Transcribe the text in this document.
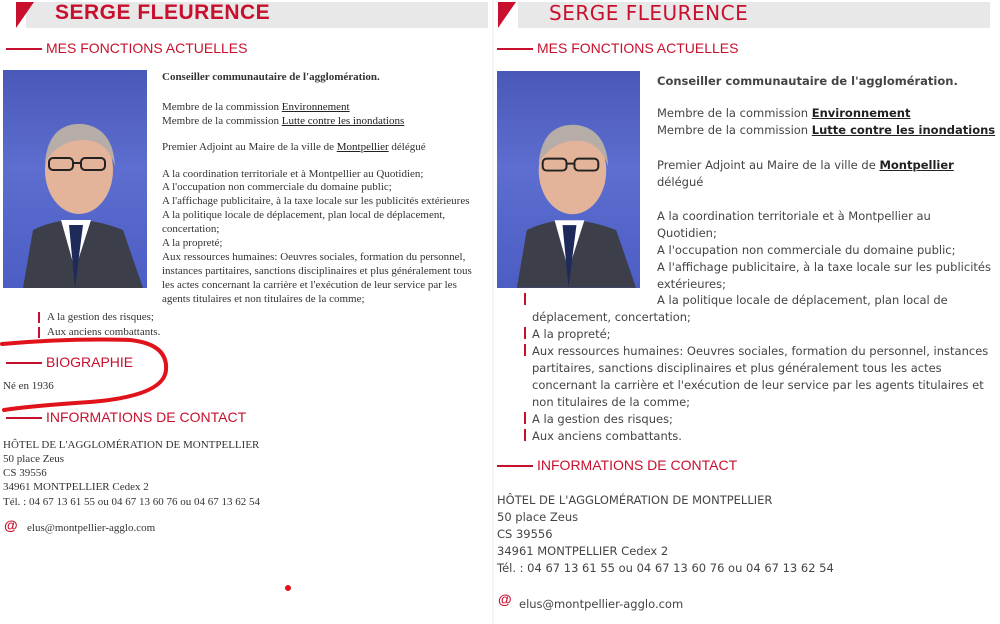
SERGE FLEURENCE
MES FONCTIONS ACTUELLES
Conseiller communautaire de l'agglomération.
Membre de la commission Environnement
Membre de la commission Lutte contre les inondations
Premier Adjoint au Maire de la ville de Montpellier délégué
A la coordination territoriale et à Montpellier au Quotidien;
A l'occupation non commerciale du domaine public;
A l'affichage publicitaire, à la taxe locale sur les publicités extérieures
A la politique locale de déplacement, plan local de déplacement,
concertation;
A la propreté;
Aux ressources humaines: Oeuvres sociales, formation du personnel,
instances partitaires, sanctions disciplinaires et plus généralement tous
les actes concernant la carrière et l'exécution de leur service par les
agents titulaires et non titulaires de la comme;
A la gestion des risques;
Aux anciens combattants.
BIOGRAPHIE
Né en 1936
INFORMATIONS DE CONTACT
HÔTEL DE L'AGGLOMÉRATION DE MONTPELLIER
50 place Zeus
CS 39556
34961 MONTPELLIER Cedex 2
Tél. : 04 67 13 61 55 ou 04 67 13 60 76 ou 04 67 13 62 54
@ elus@montpellier-agglo.com
SERGE FLEURENCE
MES FONCTIONS ACTUELLES
Conseiller communautaire de l'agglomération.
Membre de la commission Environnement
Membre de la commission Lutte contre les inondations
Premier Adjoint au Maire de la ville de Montpellier
délégué
A la coordination territoriale et à Montpellier au
Quotidien;
A l'occupation non commerciale du domaine public;
A l'affichage publicitaire, à la taxe locale sur les publicités
extérieures;
A la politique locale de déplacement, plan local de
déplacement, concertation;
A la propreté;
Aux ressources humaines: Oeuvres sociales, formation du personnel, instances
partitaires, sanctions disciplinaires et plus généralement tous les actes
concernant la carrière et l'exécution de leur service par les agents titulaires et
non titulaires de la comme;
A la gestion des risques;
Aux anciens combattants.
INFORMATIONS DE CONTACT
HÔTEL DE L'AGGLOMÉRATION DE MONTPELLIER
50 place Zeus
CS 39556
34961 MONTPELLIER Cedex 2
Tél. : 04 67 13 61 55 ou 04 67 13 60 76 ou 04 67 13 62 54
@ elus@montpellier-agglo.com
